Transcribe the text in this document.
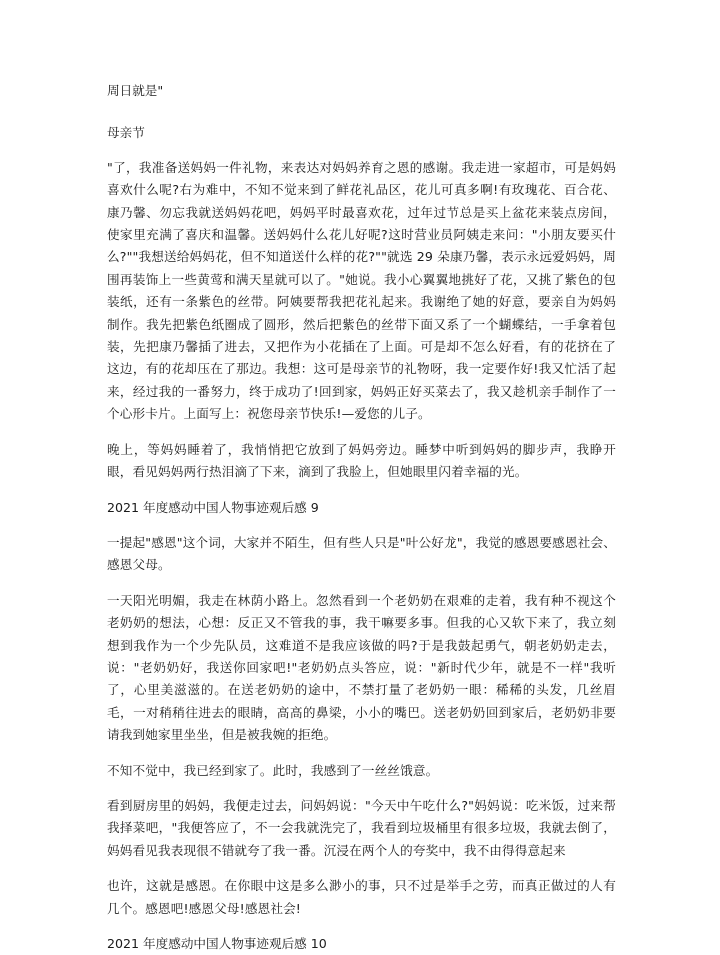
周日就是"

母亲节

"了，我准备送妈妈一件礼物，来表达对妈妈养育之恩的感谢。我走进一家超市，可是妈妈喜欢什么呢?右为难中，不知不觉来到了鲜花礼品区，花儿可真多啊!有玫瑰花、百合花、康乃馨、勿忘我就送妈妈花吧，妈妈平时最喜欢花，过年过节总是买上盆花来装点房间，使家里充满了喜庆和温馨。送妈妈什么花儿好呢?这时营业员阿姨走来问："小朋友要买什么?""我想送给妈妈花，但不知道送什么样的花?""就选 29 朵康乃馨，表示永远爱妈妈，周围再装饰上一些黄莺和满天星就可以了。"她说。我小心翼翼地挑好了花，又挑了紫色的包装纸，还有一条紫色的丝带。阿姨要帮我把花礼起来。我谢绝了她的好意，要亲自为妈妈制作。我先把紫色纸圈成了圆形，然后把紫色的丝带下面又系了一个蝴蝶结，一手拿着包装，先把康乃馨插了进去，又把作为小花插在了上面。可是却不怎么好看，有的花挤在了这边，有的花却压在了那边。我想：这可是母亲节的礼物呀，我一定要作好!我又忙活了起来，经过我的一番努力，终于成功了!回到家，妈妈正好买菜去了，我又趁机亲手制作了一个心形卡片。上面写上：祝您母亲节快乐!—爱您的儿子。

晚上，等妈妈睡着了，我悄悄把它放到了妈妈旁边。睡梦中听到妈妈的脚步声，我睁开眼，看见妈妈两行热泪滴了下来，滴到了我脸上，但她眼里闪着幸福的光。

2021 年度感动中国人物事迹观后感 9

一提起"感恩"这个词，大家并不陌生，但有些人只是"叶公好龙"，我觉的感恩要感恩社会、感恩父母。

一天阳光明媚，我走在林荫小路上。忽然看到一个老奶奶在艰难的走着，我有种不视这个老奶奶的想法，心想：反正又不管我的事，我干嘛要多事。但我的心又软下来了，我立刻想到我作为一个少先队员，这难道不是我应该做的吗?于是我鼓起勇气，朝老奶奶走去，说："老奶奶好，我送你回家吧!"老奶奶点头答应，说："新时代少年，就是不一样"我听了，心里美滋滋的。在送老奶奶的途中，不禁打量了老奶奶一眼：稀稀的头发，几丝眉毛，一对稍稍往进去的眼睛，高高的鼻梁，小小的嘴巴。送老奶奶回到家后，老奶奶非要请我到她家里坐坐，但是被我婉的拒绝。

不知不觉中，我已经到家了。此时，我感到了一丝丝饿意。

看到厨房里的妈妈，我便走过去，问妈妈说："今天中午吃什么?"妈妈说：吃米饭，过来帮我择菜吧，"我便答应了，不一会我就洗完了，我看到垃圾桶里有很多垃圾，我就去倒了，妈妈看见我表现很不错就夸了我一番。沉浸在两个人的夸奖中，我不由得得意起来

也许，这就是感恩。在你眼中这是多么渺小的事，只不过是举手之劳，而真正做过的人有几个。感恩吧!感恩父母!感恩社会!

2021 年度感动中国人物事迹观后感 10
